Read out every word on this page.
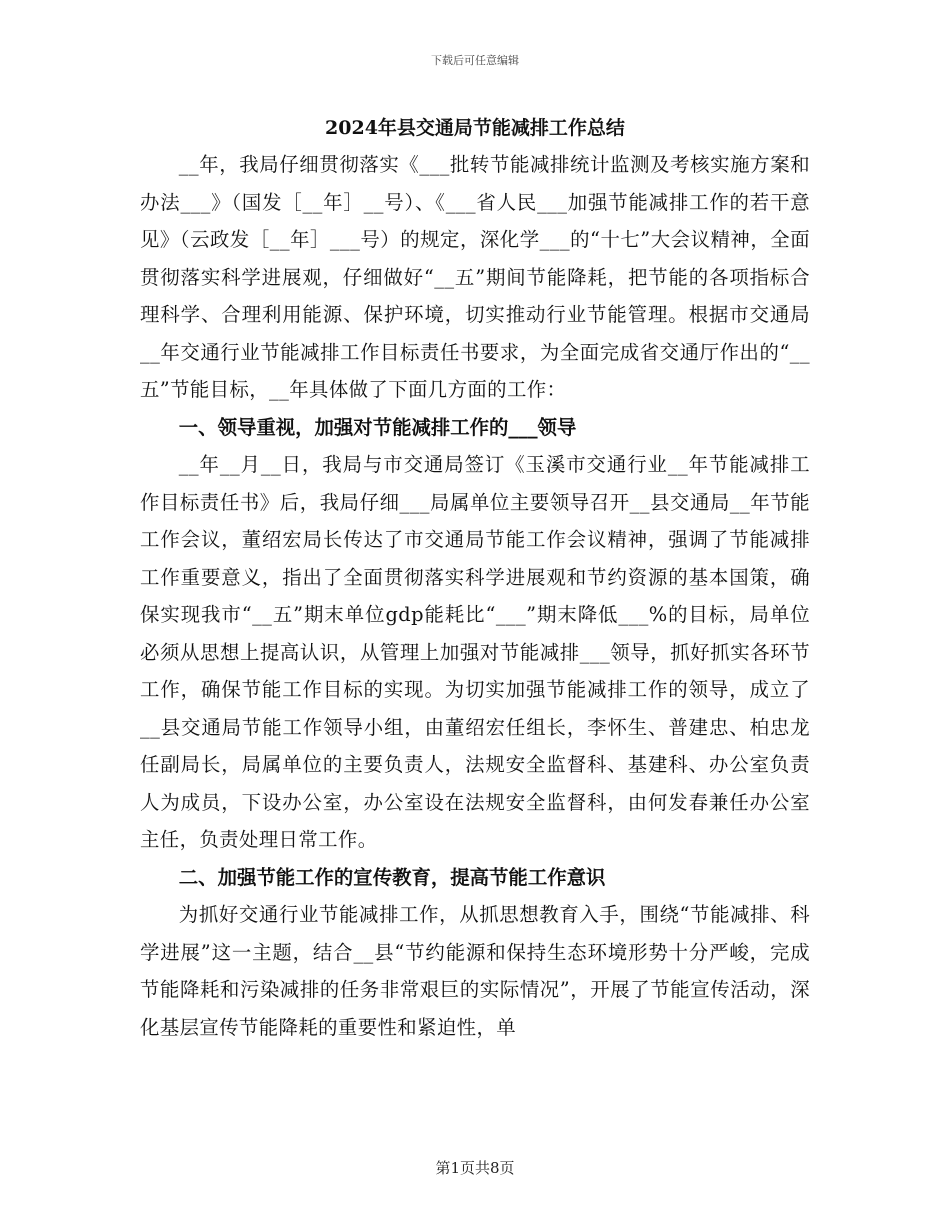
下载后可任意编辑
2024年县交通局节能减排工作总结

__年，我局仔细贯彻落实《___批转节能减排统计监测及考核实施方案和办法___》（国发［__年］__号）、《___省人民___加强节能减排工作的若干意见》（云政发［__年］___号）的规定，深化学___的“十七”大会议精神，全面贯彻落实科学进展观，仔细做好“__五”期间节能降耗，把节能的各项指标合理科学、合理利用能源、保护环境，切实推动行业节能管理。根据市交通局__年交通行业节能减排工作目标责任书要求，为全面完成省交通厅作出的“__五”节能目标，__年具体做了下面几方面的工作：

一、领导重视，加强对节能减排工作的___领导

__年__月__日，我局与市交通局签订《玉溪市交通行业__年节能减排工作目标责任书》后，我局仔细___局属单位主要领导召开__县交通局__年节能工作会议，董绍宏局长传达了市交通局节能工作会议精神，强调了节能减排工作重要意义，指出了全面贯彻落实科学进展观和节约资源的基本国策，确保实现我市“__五”期末单位gdp能耗比“___”期末降低___%的目标，局单位必须从思想上提高认识，从管理上加强对节能减排___领导，抓好抓实各环节工作，确保节能工作目标的实现。为切实加强节能减排工作的领导，成立了__县交通局节能工作领导小组，由董绍宏任组长，李怀生、普建忠、柏忠龙任副局长，局属单位的主要负责人，法规安全监督科、基建科、办公室负责人为成员，下设办公室，办公室设在法规安全监督科，由何发春兼任办公室主任，负责处理日常工作。

二、加强节能工作的宣传教育，提高节能工作意识

为抓好交通行业节能减排工作，从抓思想教育入手，围绕“节能减排、科学进展”这一主题，结合__县“节约能源和保持生态环境形势十分严峻，完成节能降耗和污染减排的任务非常艰巨的实际情况”，开展了节能宣传活动，深化基层宣传节能降耗的重要性和紧迫性，单

第1页共8页
